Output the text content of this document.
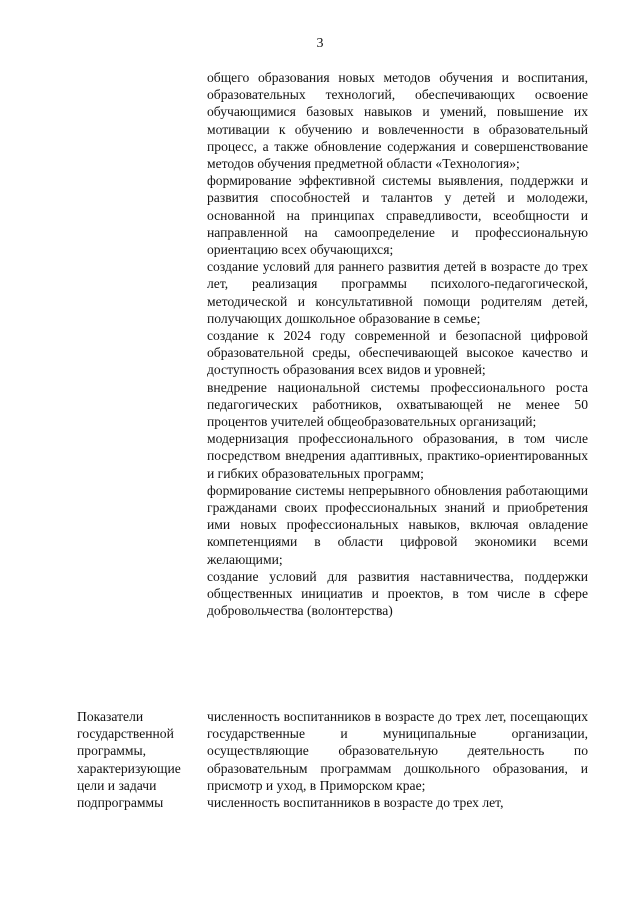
3

общего образования новых методов обучения и воспитания, образовательных технологий, обеспечивающих освоение обучающимися базовых навыков и умений, повышение их мотивации к обучению и вовлеченности в образовательный процесс, а также обновление содержания и совершенствование методов обучения предметной области «Технология»;

формирование эффективной системы выявления, поддержки и развития способностей и талантов у детей и молодежи, основанной на принципах справедливости, всеобщности и направленной на самоопределение и профессиональную ориентацию всех обучающихся;

создание условий для раннего развития детей в возрасте до трех лет, реализация программы психолого-педагогической, методической и консультативной помощи родителям детей, получающих дошкольное образование в семье;

создание к 2024 году современной и безопасной цифровой образовательной среды, обеспечивающей высокое качество и доступность образования всех видов и уровней;

внедрение национальной системы профессионального роста педагогических работников, охватывающей не менее 50 процентов учителей общеобразовательных организаций;

модернизация профессионального образования, в том числе посредством внедрения адаптивных, практико-ориентированных и гибких образовательных программ;

формирование системы непрерывного обновления работающими гражданами своих профессиональных знаний и приобретения ими новых профессиональных навыков, включая овладение компетенциями в области цифровой экономики всеми желающими;

создание условий для развития наставничества, поддержки общественных инициатив и проектов, в том числе в сфере добровольчества (волонтерства)

Показатели государственной программы, характеризующие цели и задачи подпрограммы

численность воспитанников в возрасте до трех лет, посещающих государственные и муниципальные организации, осуществляющие образовательную деятельность по образовательным программам дошкольного образования, и присмотр и уход, в Приморском крае;

численность воспитанников в возрасте до трех лет,
